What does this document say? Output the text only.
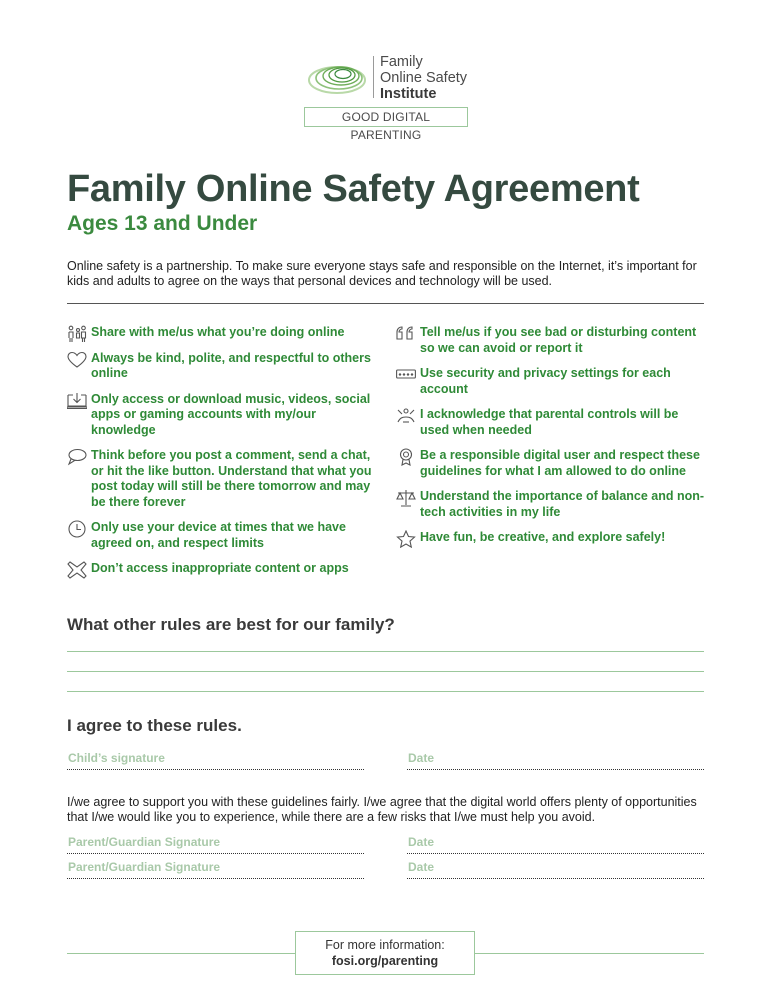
Family
Online Safety
Institute
GOOD DIGITAL PARENTING
Family Online Safety Agreement
Ages 13 and Under

Online safety is a partnership. To make sure everyone stays safe and responsible on the Internet, it’s important for kids and adults to agree on the ways that personal devices and technology will be used.

Share with me/us what you’re doing online
Always be kind, polite, and respectful to others online
Only access or download music, videos, social apps or gaming accounts with my/our knowledge
Think before you post a comment, send a chat, or hit the like button. Understand that what you post today will still be there tomorrow and may be there forever
Only use your device at times that we have agreed on, and respect limits
Don’t access inappropriate content or apps
Tell me/us if you see bad or disturbing content so we can avoid or report it
Use security and privacy settings for each account
I acknowledge that parental controls will be used when needed
Be a responsible digital user and respect these guidelines for what I am allowed to do online
Understand the importance of balance and non-tech activities in my life
Have fun, be creative, and explore safely!
What other rules are best for our family?
I agree to these rules.
Child’s signature	Date

I/we agree to support you with these guidelines fairly. I/we agree that the digital world offers plenty of opportunities that I/we would like you to experience, while there are a few risks that I/we must help you avoid.

Parent/Guardian Signature	Date
Parent/Guardian Signature	Date
For more information:
fosi.org/parenting
